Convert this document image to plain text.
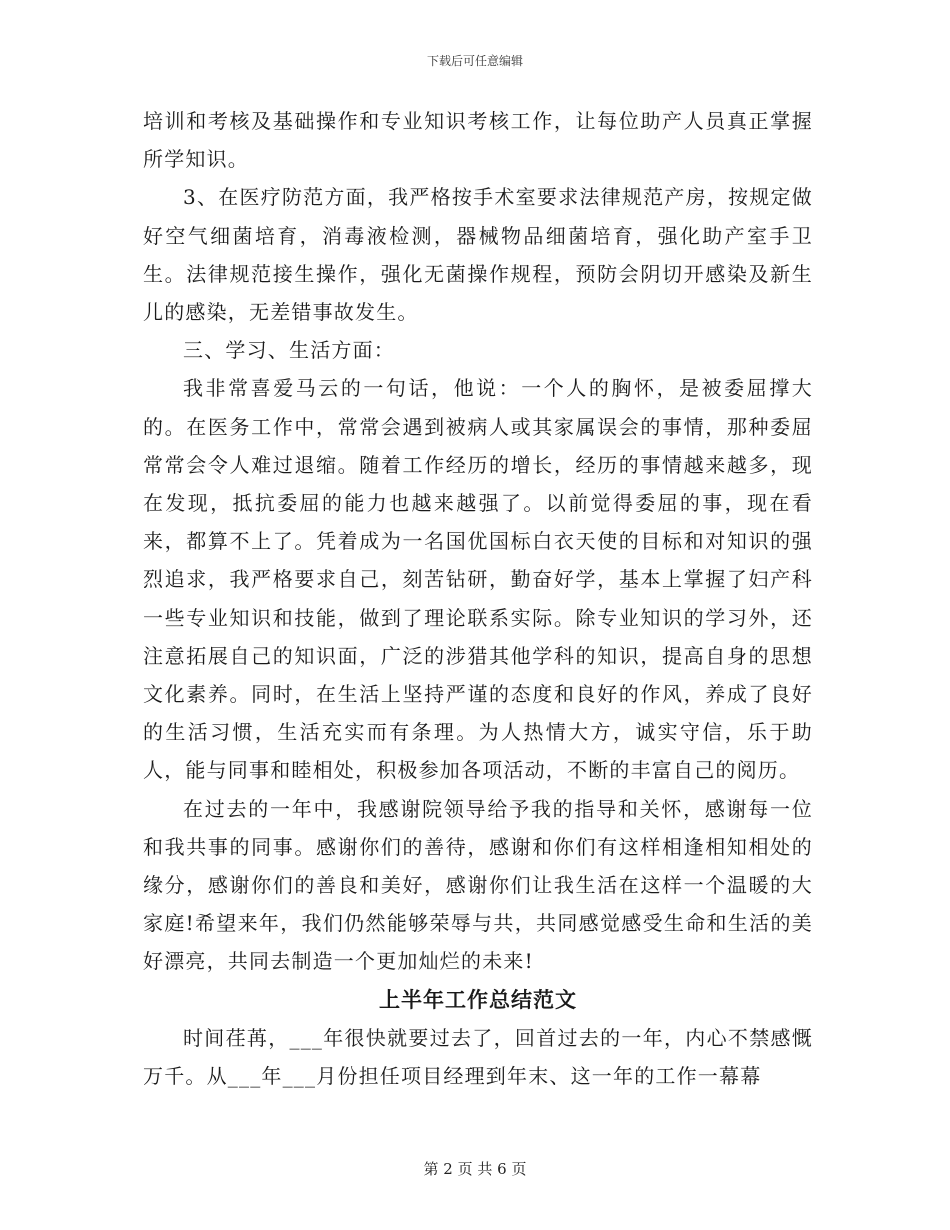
下载后可任意编辑

培训和考核及基础操作和专业知识考核工作，让每位助产人员真正掌握所学知识。

3、在医疗防范方面，我严格按手术室要求法律规范产房，按规定做好空气细菌培育，消毒液检测，器械物品细菌培育，强化助产室手卫生。法律规范接生操作，强化无菌操作规程，预防会阴切开感染及新生儿的感染，无差错事故发生。

三、学习、生活方面：

我非常喜爱马云的一句话，他说：一个人的胸怀，是被委屈撑大的。在医务工作中，常常会遇到被病人或其家属误会的事情，那种委屈常常会令人难过退缩。随着工作经历的增长，经历的事情越来越多，现在发现，抵抗委屈的能力也越来越强了。以前觉得委屈的事，现在看来，都算不上了。凭着成为一名国优国标白衣天使的目标和对知识的强烈追求，我严格要求自己，刻苦钻研，勤奋好学，基本上掌握了妇产科一些专业知识和技能，做到了理论联系实际。除专业知识的学习外，还注意拓展自己的知识面，广泛的涉猎其他学科的知识，提高自身的思想文化素养。同时，在生活上坚持严谨的态度和良好的作风，养成了良好的生活习惯，生活充实而有条理。为人热情大方，诚实守信，乐于助人，能与同事和睦相处，积极参加各项活动，不断的丰富自己的阅历。

在过去的一年中，我感谢院领导给予我的指导和关怀，感谢每一位和我共事的同事。感谢你们的善待，感谢和你们有这样相逢相知相处的缘分，感谢你们的善良和美好，感谢你们让我生活在这样一个温暖的大家庭!希望来年，我们仍然能够荣辱与共，共同感觉感受生命和生活的美好漂亮，共同去制造一个更加灿烂的未来!

上半年工作总结范文

时间荏苒，___年很快就要过去了，回首过去的一年，内心不禁感慨万千。从___年___月份担任项目经理到年末、这一年的工作一幕幕

第 2 页 共 6 页
